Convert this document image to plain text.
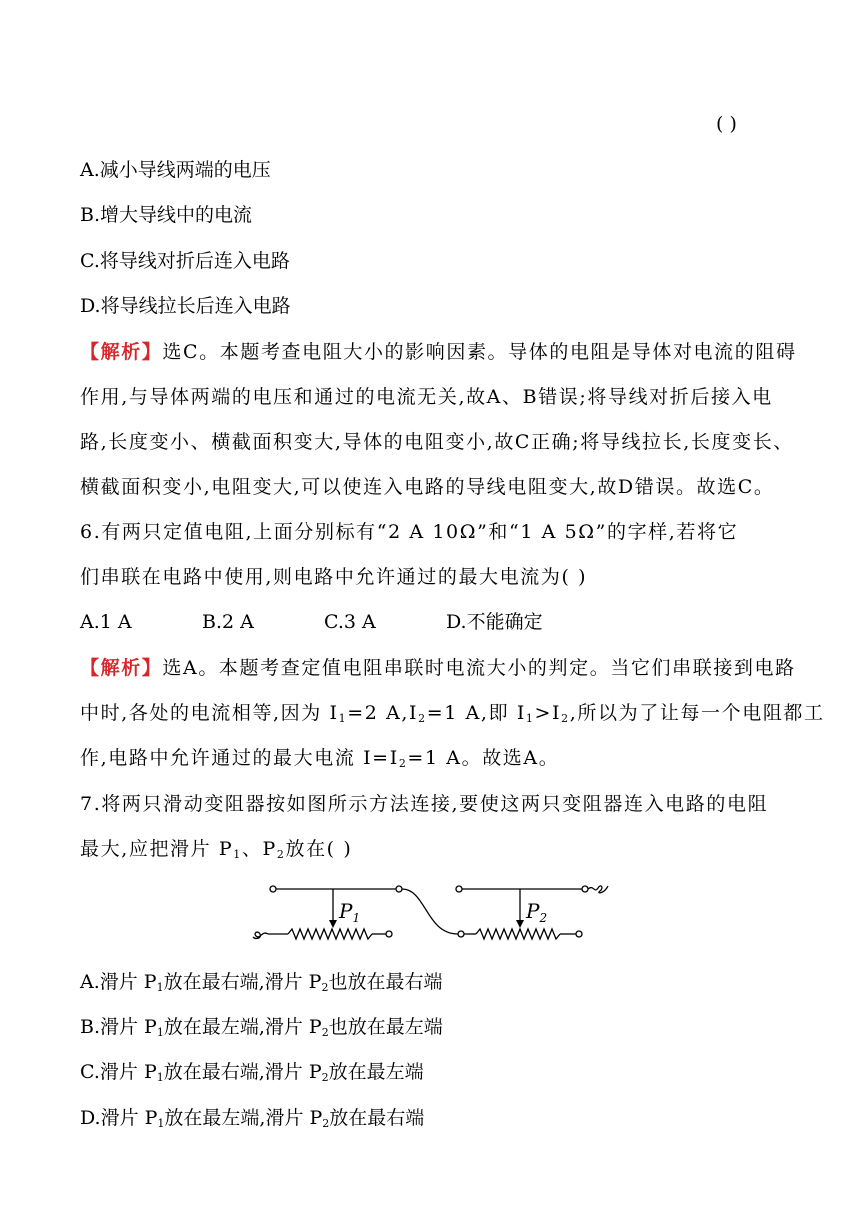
( )
A.减小导线两端的电压
B.增大导线中的电流
C.将导线对折后连入电路
D.将导线拉长后连入电路
【解析】选C。本题考查电阻大小的影响因素。导体的电阻是导体对电流的阻碍
作用,与导体两端的电压和通过的电流无关,故A、B错误;将导线对折后接入电
路,长度变小、横截面积变大,导体的电阻变小,故C正确;将导线拉长,长度变长、
横截面积变小,电阻变大,可以使连入电路的导线电阻变大,故D错误。故选C。
6.有两只定值电阻,上面分别标有“2 A 10Ω”和“1 A 5Ω”的字样,若将它
们串联在电路中使用,则电路中允许通过的最大电流为( )
A.1 A	B.2 A	C.3 A	D.不能确定
【解析】选A。本题考查定值电阻串联时电流大小的判定。当它们串联接到电路
中时,各处的电流相等,因为 $I_1=2$ $A,I_2=1$ A,即 $I_1>I_2$,所以为了让每一个电阻都工
作,电路中允许通过的最大电流 $I=I_2=1$ A。故选A。
7.将两只滑动变阻器按如图所示方法连接,要使这两只变阻器连入电路的电阻
最大,应把滑片 $P_1$、$P_2$放在( )
$P_1$	$P_2$
A.滑片 $P_1$放在最右端,滑片 $P_2$也放在最右端
B.滑片 $P_1$放在最左端,滑片 $P_2$也放在最左端
C.滑片 $P_1$放在最右端,滑片 $P_2$放在最左端
D.滑片 $P_1$放在最左端,滑片 $P_2$放在最右端
